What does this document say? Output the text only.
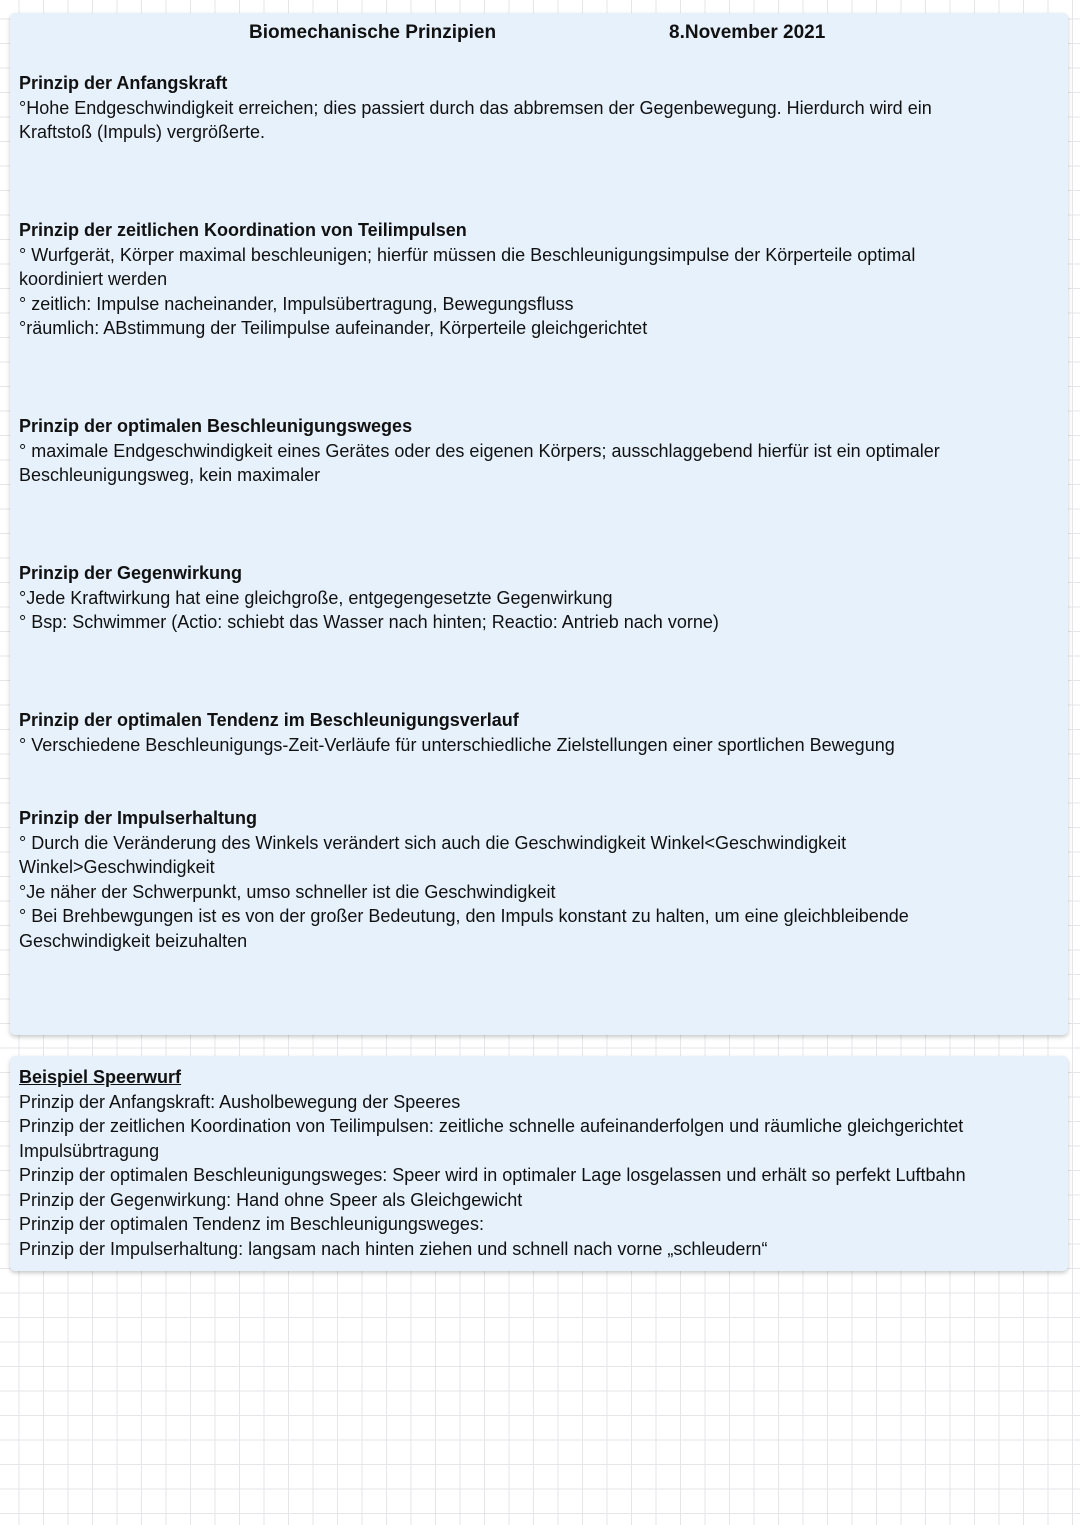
Biomechanische Prinzipien	8.November 2021
Prinzip der Anfangskraft
°Hohe Endgeschwindigkeit erreichen; dies passiert durch das abbremsen der Gegenbewegung. Hierdurch wird ein
Kraftstoß (Impuls) vergrößerte.
Prinzip der zeitlichen Koordination von Teilimpulsen
° Wurfgerät, Körper maximal beschleunigen; hierfür müssen die Beschleunigungsimpulse der Körperteile optimal
koordiniert werden
° zeitlich: Impulse nacheinander, Impulsübertragung, Bewegungsfluss
°räumlich: ABstimmung der Teilimpulse aufeinander, Körperteile gleichgerichtet
Prinzip der optimalen Beschleunigungsweges
° maximale Endgeschwindigkeit eines Gerätes oder des eigenen Körpers; ausschlaggebend hierfür ist ein optimaler
Beschleunigungsweg, kein maximaler
Prinzip der Gegenwirkung
°Jede Kraftwirkung hat eine gleichgroße, entgegengesetzte Gegenwirkung
° Bsp: Schwimmer (Actio: schiebt das Wasser nach hinten; Reactio: Antrieb nach vorne)
Prinzip der optimalen Tendenz im Beschleunigungsverlauf
° Verschiedene Beschleunigungs-Zeit-Verläufe für unterschiedliche Zielstellungen einer sportlichen Bewegung
Prinzip der Impulserhaltung
° Durch die Veränderung des Winkels verändert sich auch die Geschwindigkeit Winkel<Geschwindigkeit
Winkel>Geschwindigkeit
°Je näher der Schwerpunkt, umso schneller ist die Geschwindigkeit
° Bei Brehbewgungen ist es von der großer Bedeutung, den Impuls konstant zu halten, um eine gleichbleibende
Geschwindigkeit beizuhalten
Beispiel Speerwurf
Prinzip der Anfangskraft: Ausholbewegung der Speeres
Prinzip der zeitlichen Koordination von Teilimpulsen: zeitliche schnelle aufeinanderfolgen und räumliche gleichgerichtet
Impulsübrtragung
Prinzip der optimalen Beschleunigungsweges: Speer wird in optimaler Lage losgelassen und erhält so perfekt Luftbahn
Prinzip der Gegenwirkung: Hand ohne Speer als Gleichgewicht
Prinzip der optimalen Tendenz im Beschleunigungsweges:
Prinzip der Impulserhaltung: langsam nach hinten ziehen und schnell nach vorne „schleudern“
